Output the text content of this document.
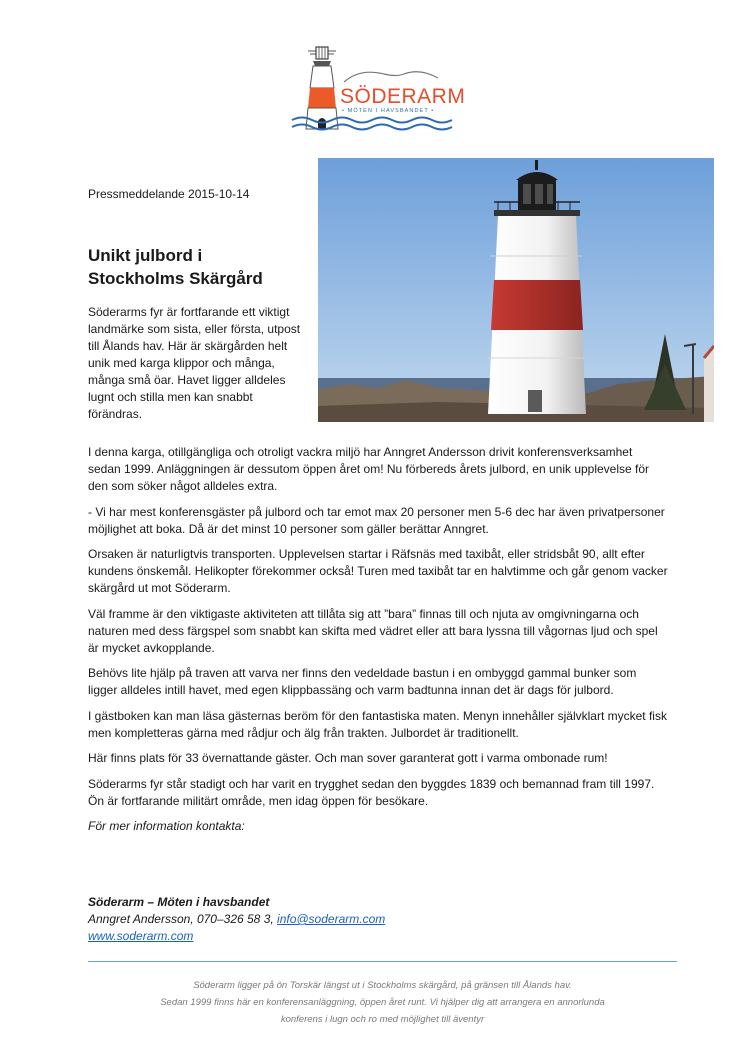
SÖDERARM
• MÖTEN I HAVSBANDET •
Pressmeddelande 2015-10-14
Unikt julbord i
Stockholms Skärgård

Söderarms fyr är fortfarande ett viktigt landmärke som sista, eller första, utpost till Ålands hav. Här är skärgården helt unik med karga klippor och många, många små öar. Havet ligger alldeles lugnt och stilla men kan snabbt förändras.

I denna karga, otillgängliga och otroligt vackra miljö har Anngret Andersson drivit konferensverksamhet sedan 1999. Anläggningen är dessutom öppen året om! Nu förbereds årets julbord, en unik upplevelse för den som söker något alldeles extra.

- Vi har mest konferensgäster på julbord och tar emot max 20 personer men 5-6 dec har även privatpersoner möjlighet att boka. Då är det minst 10 personer som gäller berättar Anngret.

Orsaken är naturligtvis transporten. Upplevelsen startar i Räfsnäs med taxibåt, eller stridsbåt 90, allt efter kundens önskemål. Helikopter förekommer också! Turen med taxibåt tar en halvtimme och går genom vacker skärgård ut mot Söderarm.

Väl framme är den viktigaste aktiviteten att tillåta sig att ”bara” finnas till och njuta av omgivningarna och naturen med dess färgspel som snabbt kan skifta med vädret eller att bara lyssna till vågornas ljud och spel är mycket avkopplande.

Behövs lite hjälp på traven att varva ner finns den vedeldade bastun i en ombyggd gammal bunker som ligger alldeles intill havet, med egen klippbassäng och varm badtunna innan det är dags för julbord.

I gästboken kan man läsa gästernas beröm för den fantastiska maten. Menyn innehåller självklart mycket fisk men kompletteras gärna med rådjur och älg från trakten. Julbordet är traditionellt.

Här finns plats för 33 övernattande gäster. Och man sover garanterat gott i varma ombonade rum!

Söderarms fyr står stadigt och har varit en trygghet sedan den byggdes 1839 och bemannad fram till 1997. Ön är fortfarande militärt område, men idag öppen för besökare.

För mer information kontakta:

Söderarm – Möten i havsbandet
Anngret Andersson, 070–326 58 3, info@soderarm.com
www.soderarm.com
Söderarm ligger på ön Torskär längst ut i Stockholms skärgård, på gränsen till Ålands hav.
Sedan 1999 finns här en konferensanläggning, öppen året runt. Vi hjälper dig att arrangera en annorlunda
konferens i lugn och ro med möjlighet till äventyr
